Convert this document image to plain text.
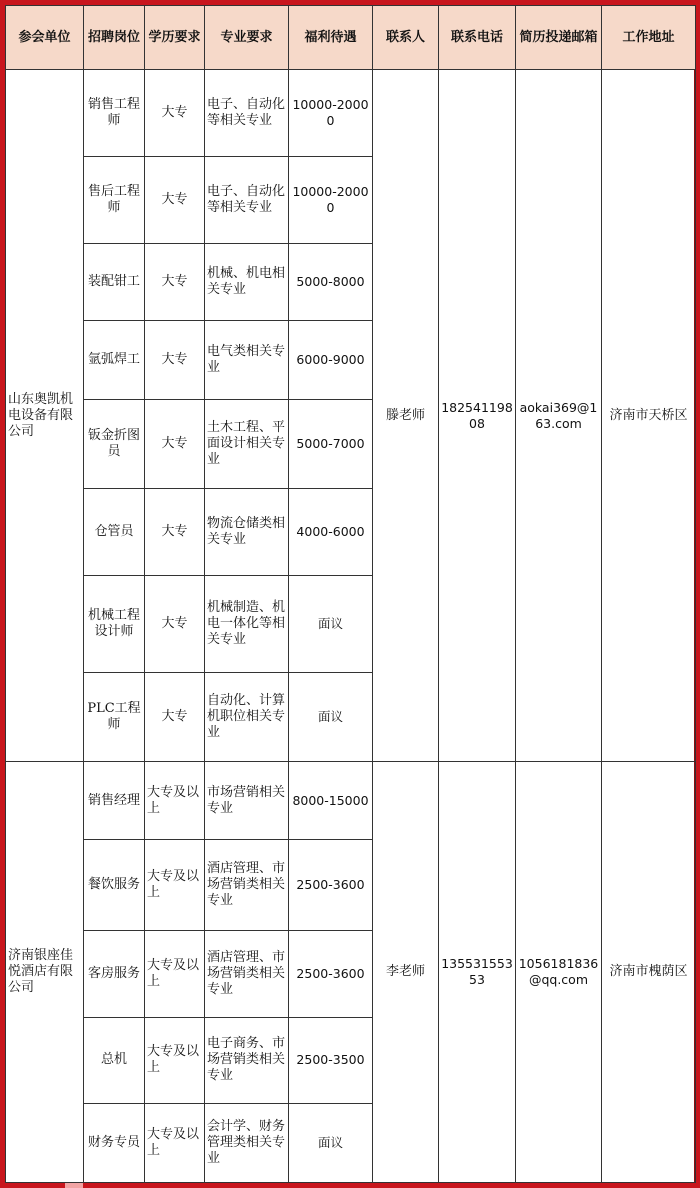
参会单位	招聘岗位	学历要求	专业要求	福利待遇	联系人	联系电话	简历投递邮箱	工作地址
山东奥凯机电设备有限公司	销售工程师	大专	电子、自动化等相关专业	10000-20000	滕老师	18254119808	aokai369@163.com	济南市天桥区
	售后工程师	大专	电子、自动化等相关专业	10000-20000				
	装配钳工	大专	机械、机电相关专业	5000-8000				
	氩弧焊工	大专	电气类相关专业	6000-9000				
	钣金折图员	大专	土木工程、平面设计相关专业	5000-7000				
	仓管员	大专	物流仓储类相关专业	4000-6000				
	机械工程设计师	大专	机械制造、机电一体化等相关专业	面议				
	PLC工程师	大专	自动化、计算机职位相关专业	面议				
济南银座佳悦酒店有限公司	销售经理	大专及以上	市场营销相关专业	8000-15000	李老师	13553155353	1056181836@qq.com	济南市槐荫区
	餐饮服务	大专及以上	酒店管理、市场营销类相关专业	2500-3600				
	客房服务	大专及以上	酒店管理、市场营销类相关专业	2500-3600				
	总机	大专及以上	电子商务、市场营销类相关专业	2500-3500				
	财务专员	大专及以上	会计学、财务管理类相关专业	面议				
